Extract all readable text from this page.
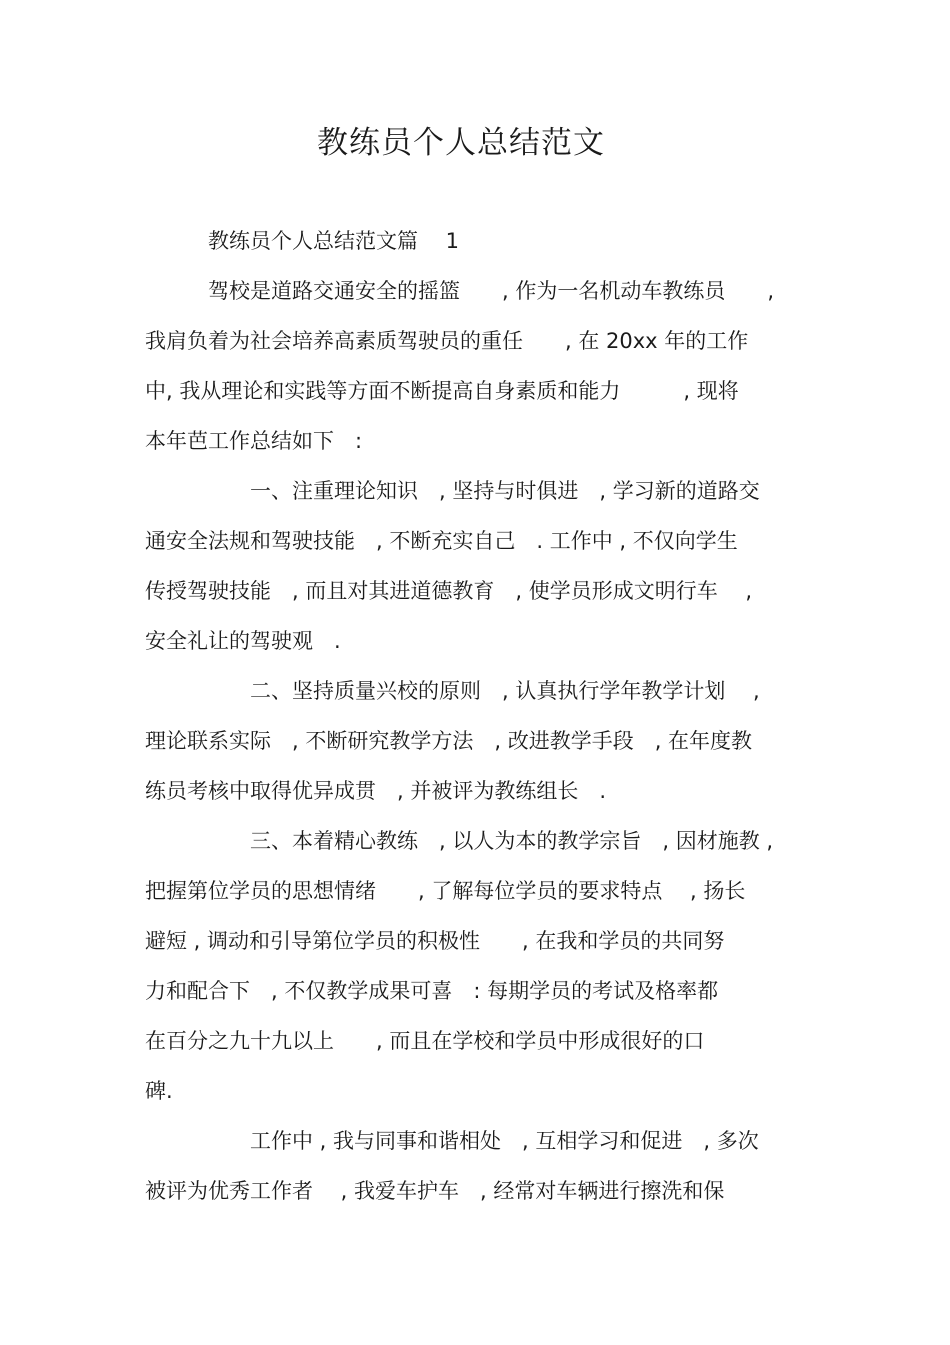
教练员个人总结范文

　　　教练员个人总结范文篇　 1

　　　驾校是道路交通安全的摇篮　　, 作为一名机动车教练员　　,

我肩负着为社会培养高素质驾驶员的重任　　, 在 20xx 年的工作

中, 我从理论和实践等方面不断提高自身素质和能力　　　, 现将

本年芭工作总结如下　:

　　　　　一、注重理论知识　, 坚持与时俱进　, 学习新的道路交

通安全法规和驾驶技能　, 不断充实自己　. 工作中 , 不仅向学生

传授驾驶技能　, 而且对其进道德教育　, 使学员形成文明行车　 ,

安全礼让的驾驶观　.

　　　　　二、坚持质量兴校的原则　, 认真执行学年教学计划　 ,

理论联系实际　, 不断研究教学方法　, 改进教学手段　, 在年度教

练员考核中取得优异成贯　, 并被评为教练组长　.

　　　　　三、本着精心教练　, 以人为本的教学宗旨　, 因材施教 ,

把握第位学员的思想情绪　　, 了解每位学员的要求特点　 , 扬长

避短 , 调动和引导第位学员的积极性　　, 在我和学员的共同努

力和配合下　, 不仅教学成果可喜　: 每期学员的考试及格率都

在百分之九十九以上　　, 而且在学校和学员中形成很好的口

碑.

　　　　　工作中 , 我与同事和谐相处　, 互相学习和促进　, 多次

被评为优秀工作者　 , 我爱车护车　, 经常对车辆进行擦洗和保
